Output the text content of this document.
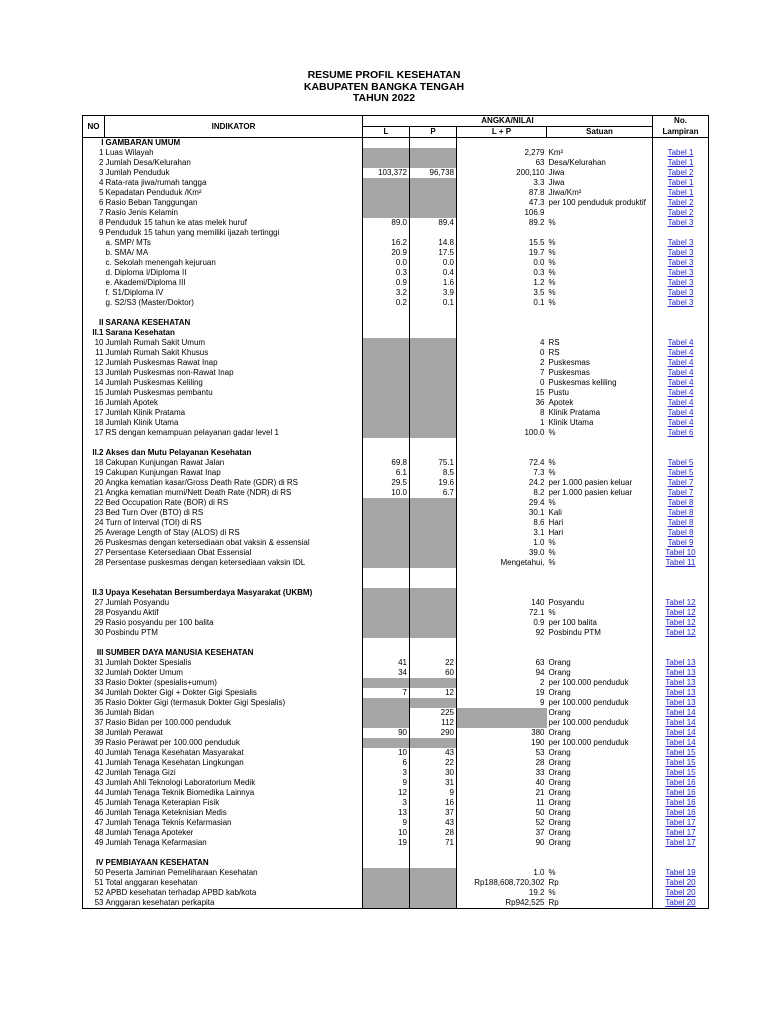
RESUME PROFIL KESEHATAN
KABUPATEN BANGKA TENGAH
TAHUN 2022
NO	INDIKATOR	ANGKA/NILAI				No.
		L	P	L + P	Satuan	Lampiran
I	GAMBARAN UMUM					
1	Luas Wilayah			2,279	Km²	Tabel 1
2	Jumlah Desa/Kelurahan			63	Desa/Kelurahan	Tabel 1
3	Jumlah Penduduk	103,372	96,738	200,110	Jiwa	Tabel 2
4	Rata-rata jiwa/rumah tangga			3.3	Jiwa	Tabel 1
5	Kepadatan Penduduk /Km²			87.8	Jiwa/Km²	Tabel 1
6	Rasio Beban Tanggungan			47.3	per 100 penduduk produktif	Tabel 2
7	Rasio Jenis Kelamin			106.9		Tabel 2
8	Penduduk 15 tahun ke atas melek huruf	89.0	89.4	89.2	%	Tabel 3
9	Penduduk 15 tahun yang memiliki ijazah tertinggi					
	a. SMP/ MTs	16.2	14.8	15.5	%	Tabel 3
	b. SMA/ MA	20.9	17.5	19.7	%	Tabel 3
	c. Sekolah menengah kejuruan	0.0	0.0	0.0	%	Tabel 3
	d. Diploma I/Diploma II	0.3	0.4	0.3	%	Tabel 3
	e. Akademi/Diploma III	0.9	1.6	1.2	%	Tabel 3
	f. S1/Diploma IV	3.2	3.9	3.5	%	Tabel 3
	g. S2/S3 (Master/Doktor)	0.2	0.1	0.1	%	Tabel 3

II	SARANA KESEHATAN					
II.1	Sarana Kesehatan					
10	Jumlah Rumah Sakit Umum			4	RS	Tabel 4
11	Jumlah Rumah Sakit Khusus			0	RS	Tabel 4
12	Jumlah Puskesmas Rawat Inap			2	Puskesmas	Tabel 4
13	Jumlah Puskesmas non-Rawat Inap			7	Puskesmas	Tabel 4
14	Jumlah Puskesmas Keliling			0	Puskesmas keliling	Tabel 4
15	Jumlah Puskesmas pembantu			15	Pustu	Tabel 4
16	Jumlah Apotek			36	Apotek	Tabel 4
17	Jumlah Klinik Pratama			8	Klinik Pratama	Tabel 4
18	Jumlah Klinik Utama			1	Klinik Utama	Tabel 4
17	RS dengan kemampuan pelayanan gadar level 1			100.0	%	Tabel 6

II.2	Akses dan Mutu Pelayanan Kesehatan					
18	Cakupan Kunjungan Rawat Jalan	69.8	75.1	72.4	%	Tabel 5
19	Cakupan Kunjungan Rawat Inap	6.1	8.5	7.3	%	Tabel 5
20	Angka kematian kasar/Gross Death Rate (GDR) di RS	29.5	19.6	24.2	per 1.000 pasien keluar	Tabel 7
21	Angka kematian murni/Nett Death Rate (NDR) di RS	10.0	6.7	8.2	per 1.000 pasien keluar	Tabel 7
22	Bed Occupation Rate (BOR) di RS			29.4	%	Tabel 8
23	Bed Turn Over (BTO) di RS			30.1	Kali	Tabel 8
24	Turn of Interval (TOI) di RS			8.6	Hari	Tabel 8
25	Average Length of Stay (ALOS) di RS			3.1	Hari	Tabel 8
26	Puskesmas dengan ketersediaan obat vaksin & essensial			1.0	%	Tabel 9
27	Persentase Ketersediaan Obat Essensial			39.0	%	Tabel 10
28	Persentase puskesmas dengan ketersediaan vaksin IDL			Mengetahui,	%	Tabel 11

II.3	Upaya Kesehatan Bersumberdaya Masyarakat (UKBM)					
27	Jumlah Posyandu			140	Posyandu	Tabel 12
28	Posyandu Aktif			72.1	%	Tabel 12
29	Rasio posyandu per 100 balita			0.9	per 100 balita	Tabel 12
30	Posbindu PTM			92	Posbindu PTM	Tabel 12

III	SUMBER DAYA MANUSIA KESEHATAN					
31	Jumlah Dokter Spesialis	41	22	63	Orang	Tabel 13
32	Jumlah Dokter Umum	34	60	94	Orang	Tabel 13
33	Rasio Dokter (spesialis+umum)			2	per 100.000 penduduk	Tabel 13
34	Jumlah Dokter Gigi + Dokter Gigi Spesialis	7	12	19	Orang	Tabel 13
35	Rasio Dokter Gigi (termasuk Dokter Gigi Spesialis)			9	per 100.000 penduduk	Tabel 13
36	Jumlah Bidan		225		Orang	Tabel 14
37	Rasio Bidan per 100.000 penduduk		112		per 100.000 penduduk	Tabel 14
38	Jumlah Perawat	90	290	380	Orang	Tabel 14
39	Rasio Perawat per 100.000 penduduk			190	per 100.000 penduduk	Tabel 14
40	Jumlah Tenaga Kesehatan Masyarakat	10	43	53	Orang	Tabel 15
41	Jumlah Tenaga Kesehatan Lingkungan	6	22	28	Orang	Tabel 15
42	Jumlah Tenaga Gizi	3	30	33	Orang	Tabel 15
43	Jumlah Ahli Teknologi Laboratorium Medik	9	31	40	Orang	Tabel 16
44	Jumlah Tenaga Teknik Biomedika Lainnya	12	9	21	Orang	Tabel 16
45	Jumlah Tenaga Keterapian Fisik	3	16	11	Orang	Tabel 16
46	Jumlah Tenaga Keteknisian Medis	13	37	50	Orang	Tabel 16
47	Jumlah Tenaga Teknis Kefarmasian	9	43	52	Orang	Tabel 17
48	Jumlah Tenaga Apoteker	10	28	37	Orang	Tabel 17
49	Jumlah Tenaga Kefarmasian	19	71	90	Orang	Tabel 17

IV	PEMBIAYAAN KESEHATAN					
50	Peserta Jaminan Pemeliharaan Kesehatan			1.0	%	Tabel 19
51	Total anggaran kesehatan			Rp188,608,720,302	Rp	Tabel 20
52	APBD kesehatan terhadap APBD kab/kota			19.2	%	Tabel 20
53	Anggaran kesehatan perkapita			Rp942,525	Rp	Tabel 20
